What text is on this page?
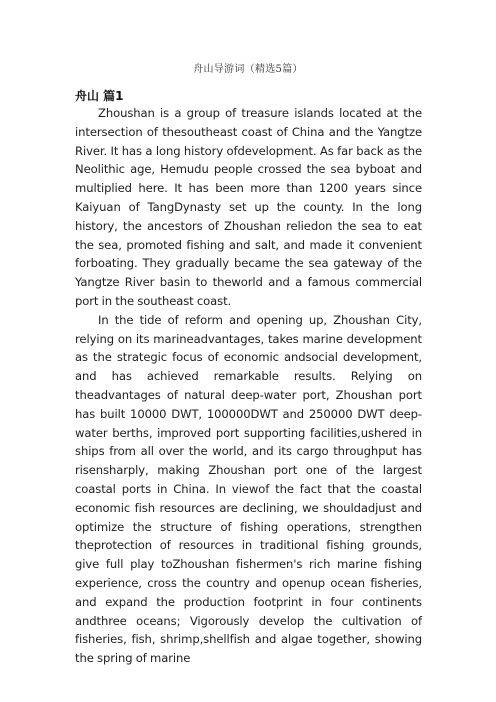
舟山导游词（精选5篇）
舟山 篇1

Zhoushan is a group of treasure islands located at the intersection of thesoutheast coast of China and the Yangtze River. It has a long history ofdevelopment. As far back as the Neolithic age, Hemudu people crossed the sea byboat and multiplied here. It has been more than 1200 years since Kaiyuan of TangDynasty set up the county. In the long history, the ancestors of Zhoushan reliedon the sea to eat the sea, promoted fishing and salt, and made it convenient forboating. They gradually became the sea gateway of the Yangtze River basin to theworld and a famous commercial port in the southeast coast.

In the tide of reform and opening up, Zhoushan City, relying on its marineadvantages, takes marine development as the strategic focus of economic andsocial development, and has achieved remarkable results. Relying on theadvantages of natural deep-water port, Zhoushan port has built 10000 DWT, 100000DWT and 250000 DWT deep-water berths, improved port supporting facilities,ushered in ships from all over the world, and its cargo throughput has risensharply, making Zhoushan port one of the largest coastal ports in China. In viewof the fact that the coastal economic fish resources are declining, we shouldadjust and optimize the structure of fishing operations, strengthen theprotection of resources in traditional fishing grounds, give full play toZhoushan fishermen's rich marine fishing experience, cross the country and openup ocean fisheries, and expand the production footprint in four continents andthree oceans; Vigorously develop the cultivation of fisheries, fish, shrimp,shellfish and algae together, showing the spring of marine
